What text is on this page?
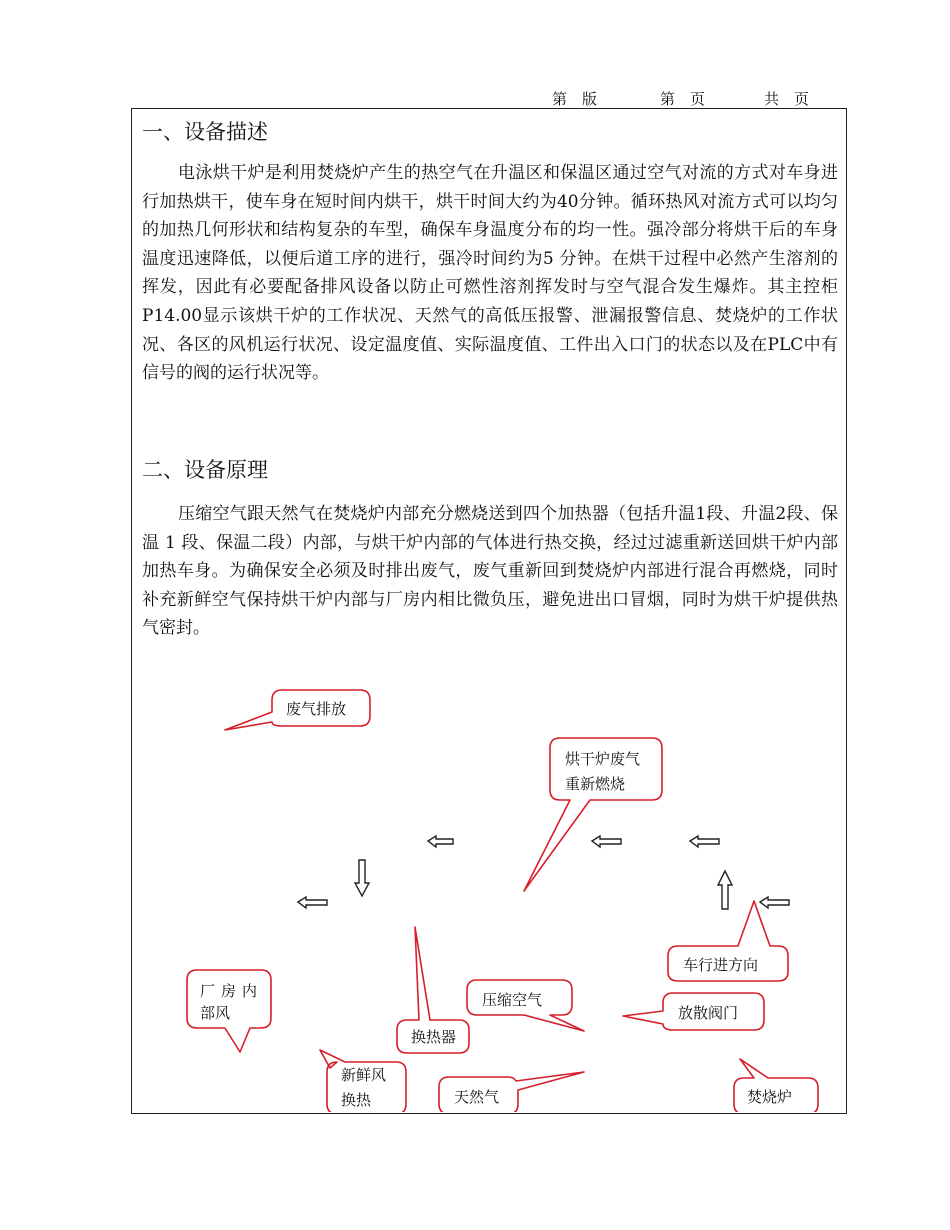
第　版	第　页	共　页
一、设备描述

电泳烘干炉是利用焚烧炉产生的热空气在升温区和保温区通过空气对流的方式对车身进行加热烘干，使车身在短时间内烘干，烘干时间大约为40分钟。循环热风对流方式可以均匀的加热几何形状和结构复杂的车型，确保车身温度分布的均一性。强冷部分将烘干后的车身温度迅速降低，以便后道工序的进行，强冷时间约为5 分钟。在烘干过程中必然产生溶剂的挥发，因此有必要配备排风设备以防止可燃性溶剂挥发时与空气混合发生爆炸。其主控柜P14.00显示该烘干炉的工作状况、天然气的高低压报警、泄漏报警信息、焚烧炉的工作状况、各区的风机运行状况、设定温度值、实际温度值、工件出入口门的状态以及在PLC中有信号的阀的运行状况等。

二、设备原理

压缩空气跟天然气在焚烧炉内部充分燃烧送到四个加热器（包括升温1段、升温2段、保温 1 段、保温二段）内部，与烘干炉内部的气体进行热交换，经过过滤重新送回烘干炉内部加热车身。为确保安全必须及时排出废气，废气重新回到焚烧炉内部进行混合再燃烧，同时补充新鲜空气保持烘干炉内部与厂房内相比微负压，避免进出口冒烟，同时为烘干炉提供热气密封。

废气排放
烘干炉废气
重新燃烧
车行进方向
厂房内
部风
压缩空气
放散阀门
换热器
新鲜风
换热	天然气	焚烧炉
